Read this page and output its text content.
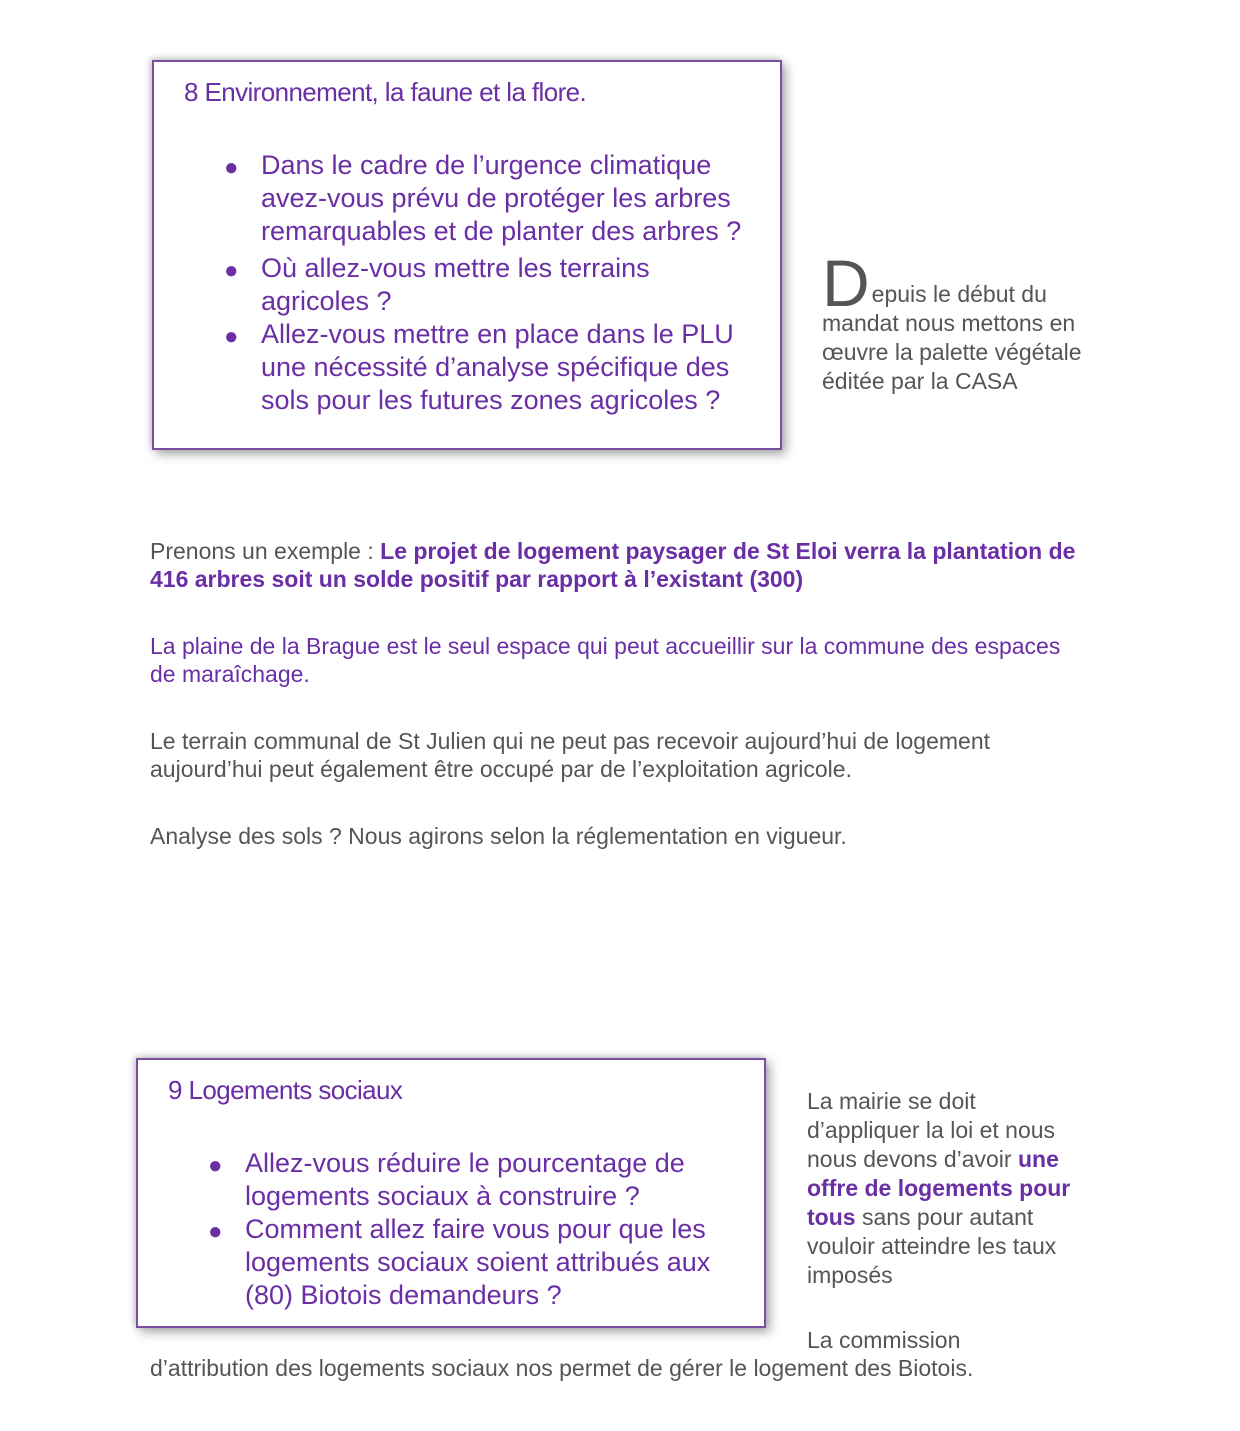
8 Environnement, la faune et la flore.
● Dans le cadre de l’urgence climatique avez-vous prévu de protéger les arbres remarquables et de planter des arbres ?
● Où allez-vous mettre les terrains agricoles ?
● Allez-vous mettre en place dans le PLU une nécessité d’analyse spécifique des sols pour les futures zones agricoles ?
D epuis le début du mandat nous mettons en œuvre la palette végétale éditée par la CASA
Prenons un exemple : Le projet de logement paysager de St Eloi verra la plantation de 416 arbres soit un solde positif par rapport à l’existant (300)
La plaine de la Brague est le seul espace qui peut accueillir sur la commune des espaces de maraîchage.
Le terrain communal de St Julien qui ne peut pas recevoir aujourd’hui de logement aujourd’hui peut également être occupé par de l’exploitation agricole.
Analyse des sols ? Nous agirons selon la réglementation en vigueur.
9 Logements sociaux
● Allez-vous réduire le pourcentage de logements sociaux à construire ?
● Comment allez faire vous pour que les logements sociaux soient attribués aux (80) Biotois demandeurs ?
La mairie se doit d’appliquer la loi et nous nous devons d’avoir une offre de logements pour tous sans pour autant vouloir atteindre les taux imposés
La commission
d’attribution des logements sociaux nos permet de gérer le logement des Biotois.
